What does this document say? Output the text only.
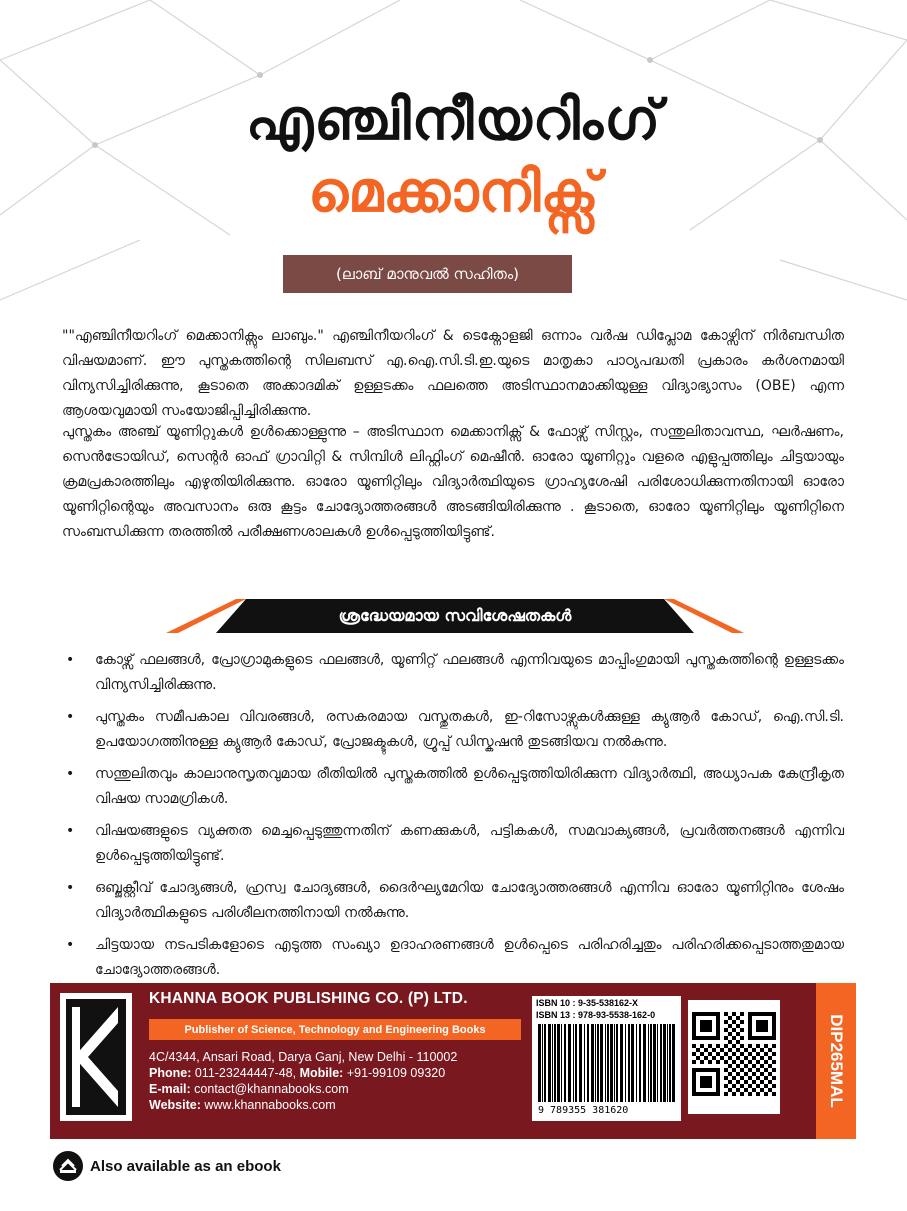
എഞ്ചിനീയറിംഗ്
മെക്കാനിക്സ്
(ലാബ് മാനുവൽ സഹിതം)
""എഞ്ചിനീയറിംഗ് മെക്കാനിക്സും ലാബും." എഞ്ചിനീയറിംഗ് & ടെക്നോളജി ഒന്നാം വർഷ ഡിപ്ലോമ കോഴ്സിന് നിർബന്ധിത വിഷയമാണ്. ഈ പുസ്തകത്തിന്റെ സിലബസ് എ.ഐ.സി.ടി.ഇ.യുടെ മാതൃകാ പാഠ്യപദ്ധതി പ്രകാരം കർശനമായി വിന്യസിച്ചിരിക്കുന്നു, കൂടാതെ അക്കാദമിക് ഉള്ളടക്കം ഫലത്തെ അടിസ്ഥാനമാക്കിയുള്ള വിദ്യാഭ്യാസം (OBE) എന്ന ആശയവുമായി സംയോജിപ്പിച്ചിരിക്കുന്നു.
പുസ്തകം അഞ്ച് യൂണിറ്റുകൾ ഉൾക്കൊള്ളുന്നു – അടിസ്ഥാന മെക്കാനിക്സ് & ഫോഴ്സ് സിസ്റ്റം, സന്തുലിതാവസ്ഥ, ഘർഷണം, സെൻട്രോയിഡ്, സെന്റർ ഓഫ് ഗ്രാവിറ്റി & സിമ്പിൾ ലിഫ്റ്റിംഗ് മെഷീൻ. ഓരോ യൂണിറ്റും വളരെ എളുപ്പത്തിലും ചിട്ടയായും ക്രമപ്രകാരത്തിലും എഴുതിയിരിക്കുന്നു. ഓരോ യൂണിറ്റിലും വിദ്യാർത്ഥിയുടെ ഗ്രാഹ്യശേഷി പരിശോധിക്കുന്നതിനായി ഓരോ യൂണിറ്റിന്റെയും അവസാനം ഒരു കൂട്ടം ചോദ്യോത്തരങ്ങൾ അടങ്ങിയിരിക്കുന്നു . കൂടാതെ, ഓരോ യൂണിറ്റിലും യൂണിറ്റിനെ സംബന്ധിക്കുന്ന തരത്തിൽ പരീക്ഷണശാലകൾ ഉൾപ്പെടുത്തിയിട്ടുണ്ട്.
ശ്രദ്ധേയമായ സവിശേഷതകൾ
• കോഴ്സ് ഫലങ്ങൾ, പ്രോഗ്രാമുകളുടെ ഫലങ്ങൾ, യൂണിറ്റ് ഫലങ്ങൾ എന്നിവയുടെ മാപ്പിംഗുമായി പുസ്തകത്തിന്റെ ഉള്ളടക്കം വിന്യസിച്ചിരിക്കുന്നു.
• പുസ്തകം സമീപകാല വിവരങ്ങൾ, രസകരമായ വസ്തുതകൾ, ഇ-റിസോഴ്സുകൾക്കുള്ള ക്യുആർ കോഡ്, ഐ.സി.ടി. ഉപയോഗത്തിനുള്ള ക്യുആർ കോഡ്, പ്രോജക്ടുകൾ, ഗ്രൂപ്പ് ഡിസ്കഷൻ തുടങ്ങിയവ നൽകുന്നു.
• സന്തുലിതവും കാലാനുസൃതവുമായ രീതിയിൽ പുസ്തകത്തിൽ ഉൾപ്പെടുത്തിയിരിക്കുന്ന വിദ്യാർത്ഥി, അധ്യാപക കേന്ദ്രീകൃത വിഷയ സാമഗ്രികൾ.
• വിഷയങ്ങളുടെ വ്യക്തത മെച്ചപ്പെടുത്തുന്നതിന് കണക്കുകൾ, പട്ടികകൾ, സമവാക്യങ്ങൾ, പ്രവർത്തനങ്ങൾ എന്നിവ ഉൾപ്പെടുത്തിയിട്ടുണ്ട്.
• ഒബ്ജക്റ്റീവ് ചോദ്യങ്ങൾ, ഹ്രസ്വ ചോദ്യങ്ങൾ, ദൈർഘ്യമേറിയ ചോദ്യോത്തരങ്ങൾ എന്നിവ ഓരോ യൂണിറ്റിനും ശേഷം വിദ്യാർത്ഥികളുടെ പരിശീലനത്തിനായി നൽകുന്നു.
• ചിട്ടയായ നടപടികളോടെ എടുത്ത സംഖ്യാ ഉദാഹരണങ്ങൾ ഉൾപ്പെടെ പരിഹരിച്ചതും പരിഹരിക്കപ്പെടാത്തതുമായ ചോദ്യോത്തരങ്ങൾ.
KHANNA BOOK PUBLISHING CO. (P) LTD.
Publisher of Science, Technology and Engineering Books
4C/4344, Ansari Road, Darya Ganj, New Delhi - 110002
Phone: 011-23244447-48, Mobile: +91-99109 09320
E-mail: contact@khannabooks.com
Website: www.khannabooks.com
ISBN 10 : 9-35-538162-X
ISBN 13 : 978-93-5538-162-0
9 789355 381620
DIP265MAL
Also available as an ebook
